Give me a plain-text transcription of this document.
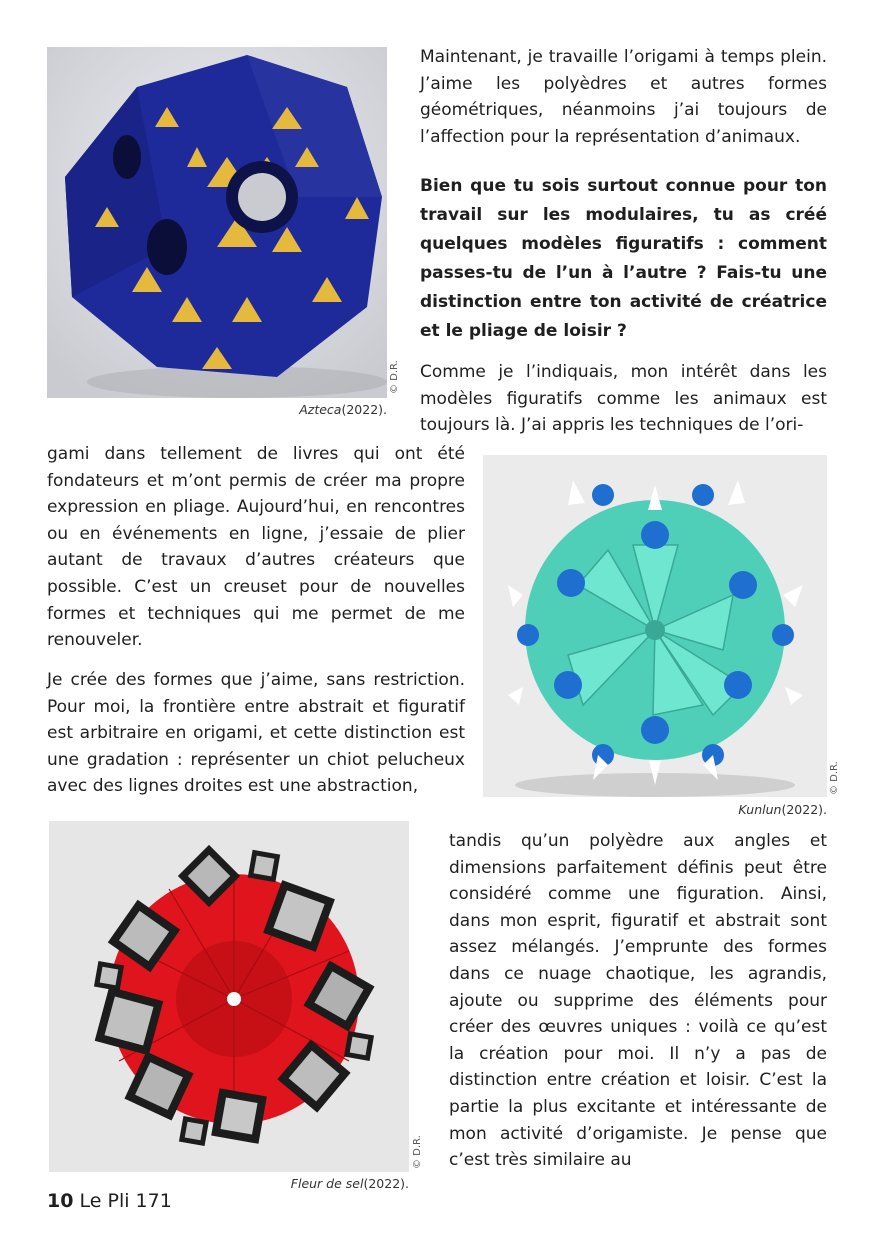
Maintenant, je travaille l’origami à temps plein. J’aime les polyèdres et autres formes géométriques, néanmoins j’ai toujours de l’affection pour la représentation d’animaux.

Bien que tu sois surtout connue pour ton travail sur les modulaires, tu as créé quelques modèles figuratifs : comment passes-tu de l’un à l’autre ? Fais-tu une distinction entre ton activité de créatrice et le pliage de loisir ?

Comme je l’indiquais, mon intérêt dans les modèles figuratifs comme les animaux est toujours là. J’ai appris les techniques de l’ori-

© D.R.
Azteca(2022).

gami dans tellement de livres qui ont été fondateurs et m’ont permis de créer ma propre expression en pliage. Aujourd’hui, en rencontres ou en événements en ligne, j’essaie de plier autant de travaux d’autres créateurs que possible. C’est un creuset pour de nouvelles formes et techniques qui me permet de me renouveler.

Je crée des formes que j’aime, sans restriction. Pour moi, la frontière entre abstrait et figuratif est arbitraire en origami, et cette distinction est une gradation : représenter un chiot pelucheux avec des lignes droites est une abstraction,	© D.R.
Kunlun(2022).
© D.R.
Fleur de sel(2022).

tandis qu’un polyèdre aux angles et dimensions parfaitement définis peut être considéré comme une figuration. Ainsi, dans mon esprit, figuratif et abstrait sont assez mélangés. J’emprunte des formes dans ce nuage chaotique, les agrandis, ajoute ou supprime des éléments pour créer des œuvres uniques : voilà ce qu’est la création pour moi. Il n’y a pas de distinction entre création et loisir. C’est la partie la plus excitante et intéressante de mon activité d’origamiste. Je pense que c’est très similaire au

10 Le Pli 171
